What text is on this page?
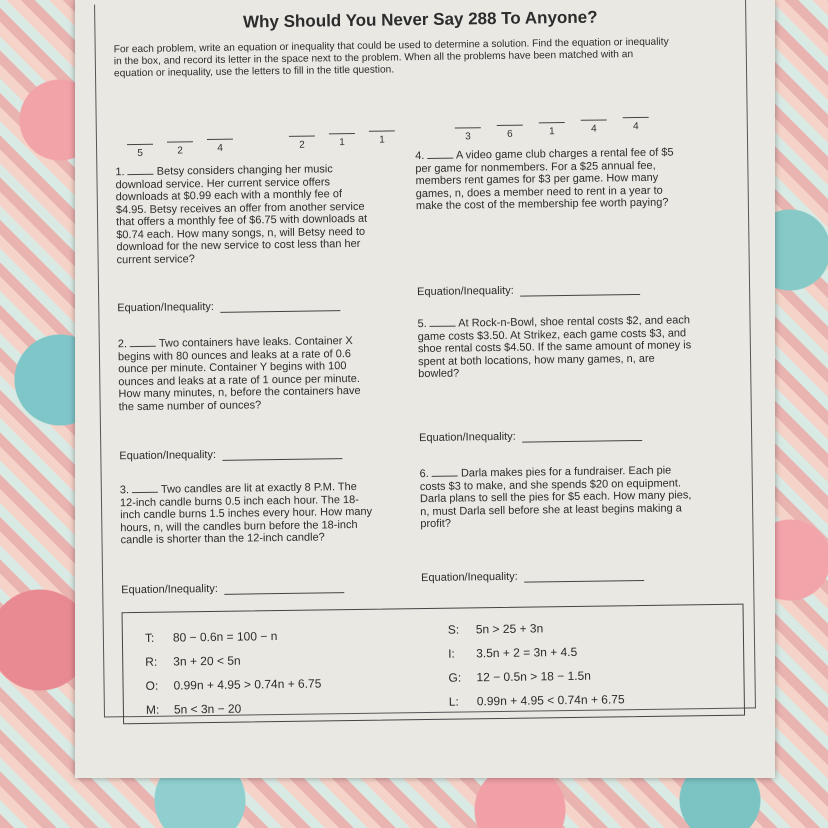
Why Should You Never Say 288 To Anyone?
For each problem, write an equation or inequality that could be used to determine a solution. Find the equation or inequality in the box, and record its letter in the space next to the problem. When all the problems have been matched with an equation or inequality, use the letters to fill in the title question.
5	2	4	2	1	1	3	6	1	4	4
1.	Betsy considers changing her music download service. Her current service offers downloads at $0.99 each with a monthly fee of $4.95. Betsy receives an offer from another service that offers a monthly fee of $6.75 with downloads at $0.74 each. How many songs, n, will Betsy need to download for the new service to cost less than her current service?
Equation/Inequality:
2.	Two containers have leaks. Container X begins with 80 ounces and leaks at a rate of 0.6 ounce per minute. Container Y begins with 100 ounces and leaks at a rate of 1 ounce per minute. How many minutes, n, before the containers have the same number of ounces?
Equation/Inequality:
3.	Two candles are lit at exactly 8 P.M. The 12-inch candle burns 0.5 inch each hour. The 18-inch candle burns 1.5 inches every hour. How many hours, n, will the candles burn before the 18-inch candle is shorter than the 12-inch candle?
Equation/Inequality:
4.	A video game club charges a rental fee of $5 per game for nonmembers. For a $25 annual fee, members rent games for $3 per game. How many games, n, does a member need to rent in a year to make the cost of the membership fee worth paying?
Equation/Inequality:
5.	At Rock-n-Bowl, shoe rental costs $2, and each game costs $3.50. At Strikez, each game costs $3, and shoe rental costs $4.50. If the same amount of money is spent at both locations, how many games, n, are bowled?
Equation/Inequality:
6.	Darla makes pies for a fundraiser. Each pie costs $3 to make, and she spends $20 on equipment. Darla plans to sell the pies for $5 each. How many pies, n, must Darla sell before she at least begins making a profit?
Equation/Inequality:
T: 80 − 0.6n = 100 − n
R: 3n + 20 < 5n
O: 0.99n + 4.95 > 0.74n + 6.75
M: 5n < 3n − 20
S: 5n > 25 + 3n
I: 3.5n + 2 = 3n + 4.5
G: 12 − 0.5n > 18 − 1.5n
L: 0.99n + 4.95 < 0.74n + 6.75
